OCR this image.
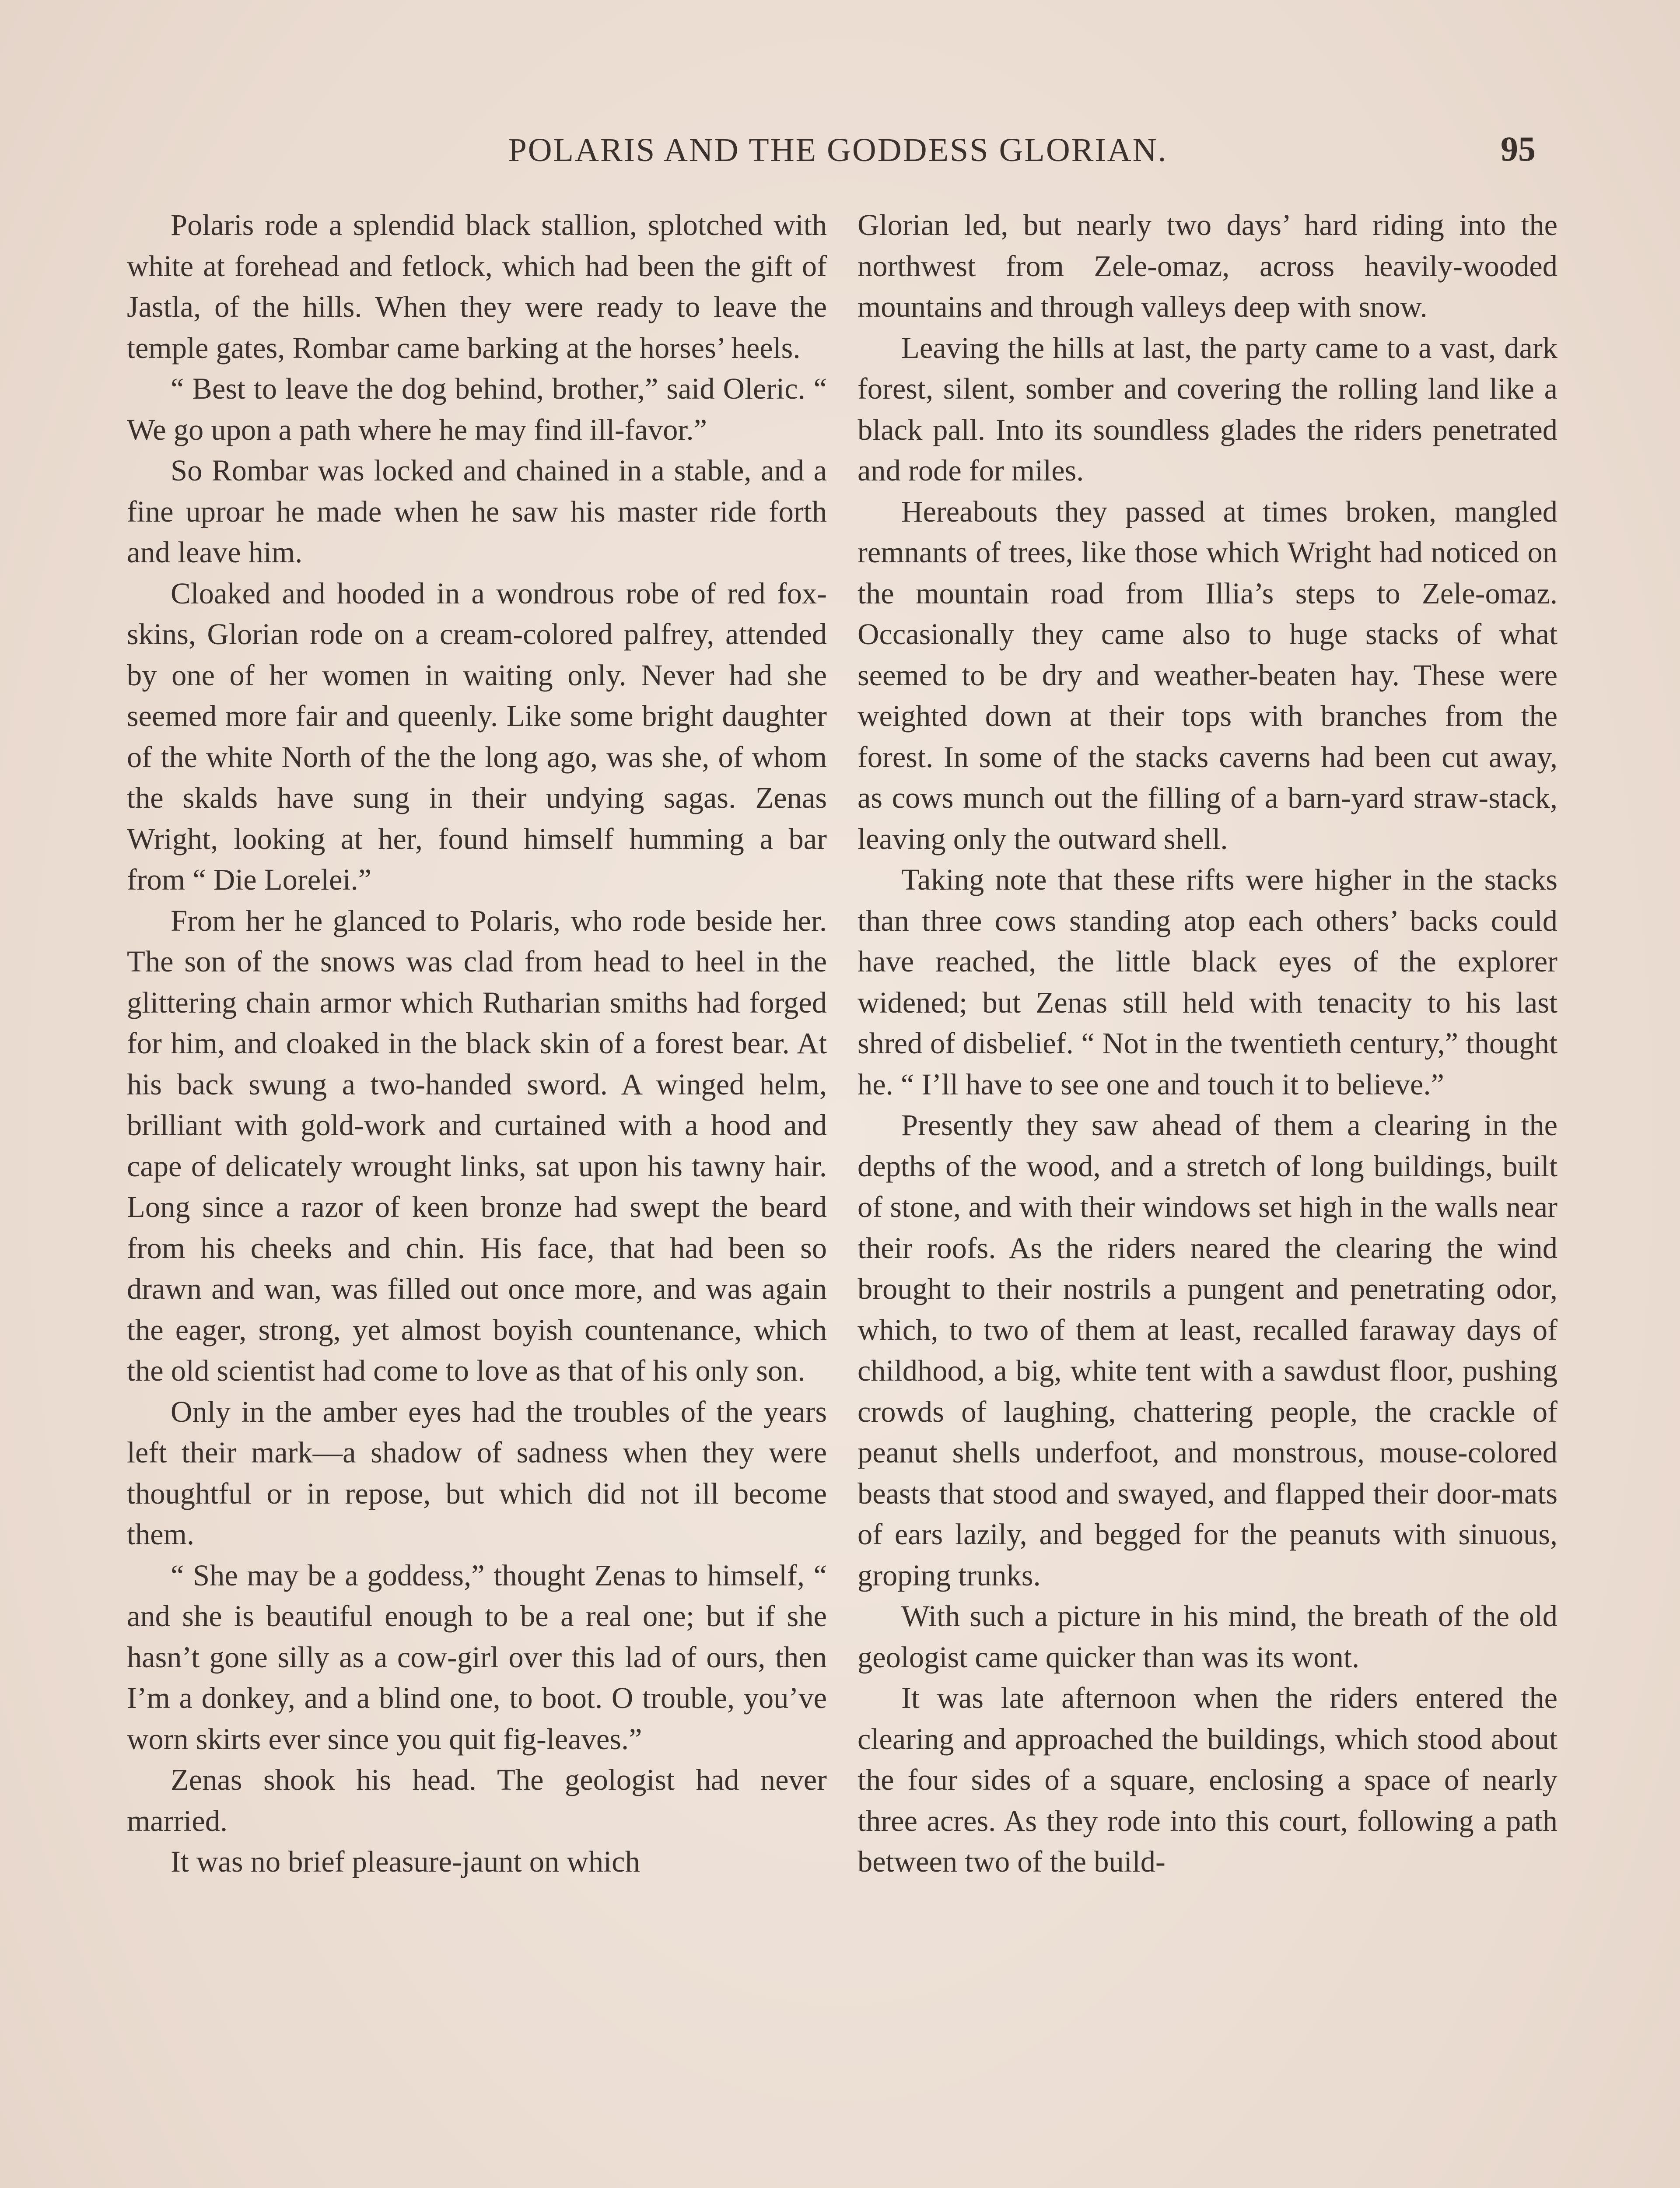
POLARIS AND THE GODDESS GLORIAN.	95

Polaris rode a splendid black stallion, splotched with white at forehead and fetlock, which had been the gift of Jastla, of the hills. When they were ready to leave the temple gates, Rombar came barking at the horses’ heels.

“ Best to leave the dog behind, brother,” said Oleric. “ We go upon a path where he may find ill-favor.”

So Rombar was locked and chained in a stable, and a fine uproar he made when he saw his master ride forth and leave him.

Cloaked and hooded in a wondrous robe of red fox-skins, Glorian rode on a cream-colored palfrey, attended by one of her women in waiting only. Never had she seemed more fair and queenly. Like some bright daughter of the white North of the the long ago, was she, of whom the skalds have sung in their undying sagas. Zenas Wright, looking at her, found himself humming a bar from “ Die Lorelei.”

From her he glanced to Polaris, who rode beside her. The son of the snows was clad from head to heel in the glittering chain armor which Rutharian smiths had forged for him, and cloaked in the black skin of a forest bear. At his back swung a two-handed sword. A winged helm, brilliant with gold-work and curtained with a hood and cape of delicately wrought links, sat upon his tawny hair. Long since a razor of keen bronze had swept the beard from his cheeks and chin. His face, that had been so drawn and wan, was filled out once more, and was again the eager, strong, yet almost boyish countenance, which the old scientist had come to love as that of his only son.

Only in the amber eyes had the troubles of the years left their mark—a shadow of sadness when they were thoughtful or in repose, but which did not ill become them.

“ She may be a goddess,” thought Zenas to himself, “ and she is beautiful enough to be a real one; but if she hasn’t gone silly as a cow-girl over this lad of ours, then I’m a donkey, and a blind one, to boot. O trouble, you’ve worn skirts ever since you quit fig-leaves.”

Zenas shook his head. The geologist had never married.

It was no brief pleasure-jaunt on which

Glorian led, but nearly two days’ hard riding into the northwest from Zele-omaz, across heavily-wooded mountains and through valleys deep with snow.

Leaving the hills at last, the party came to a vast, dark forest, silent, somber and covering the rolling land like a black pall. Into its soundless glades the riders penetrated and rode for miles.

Hereabouts they passed at times broken, mangled remnants of trees, like those which Wright had noticed on the mountain road from Illia’s steps to Zele-omaz. Occasionally they came also to huge stacks of what seemed to be dry and weather-beaten hay. These were weighted down at their tops with branches from the forest. In some of the stacks caverns had been cut away, as cows munch out the filling of a barn-yard straw-stack, leaving only the outward shell.

Taking note that these rifts were higher in the stacks than three cows standing atop each others’ backs could have reached, the little black eyes of the explorer widened; but Zenas still held with tenacity to his last shred of disbelief. “ Not in the twentieth century,” thought he. “ I’ll have to see one and touch it to believe.”

Presently they saw ahead of them a clearing in the depths of the wood, and a stretch of long buildings, built of stone, and with their windows set high in the walls near their roofs. As the riders neared the clearing the wind brought to their nostrils a pungent and penetrating odor, which, to two of them at least, recalled faraway days of childhood, a big, white tent with a sawdust floor, pushing crowds of laughing, chattering people, the crackle of peanut shells underfoot, and monstrous, mouse-colored beasts that stood and swayed, and flapped their door-mats of ears lazily, and begged for the peanuts with sinuous, groping trunks.

With such a picture in his mind, the breath of the old geologist came quicker than was its wont.

It was late afternoon when the riders entered the clearing and approached the buildings, which stood about the four sides of a square, enclosing a space of nearly three acres. As they rode into this court, following a path between two of the build-
